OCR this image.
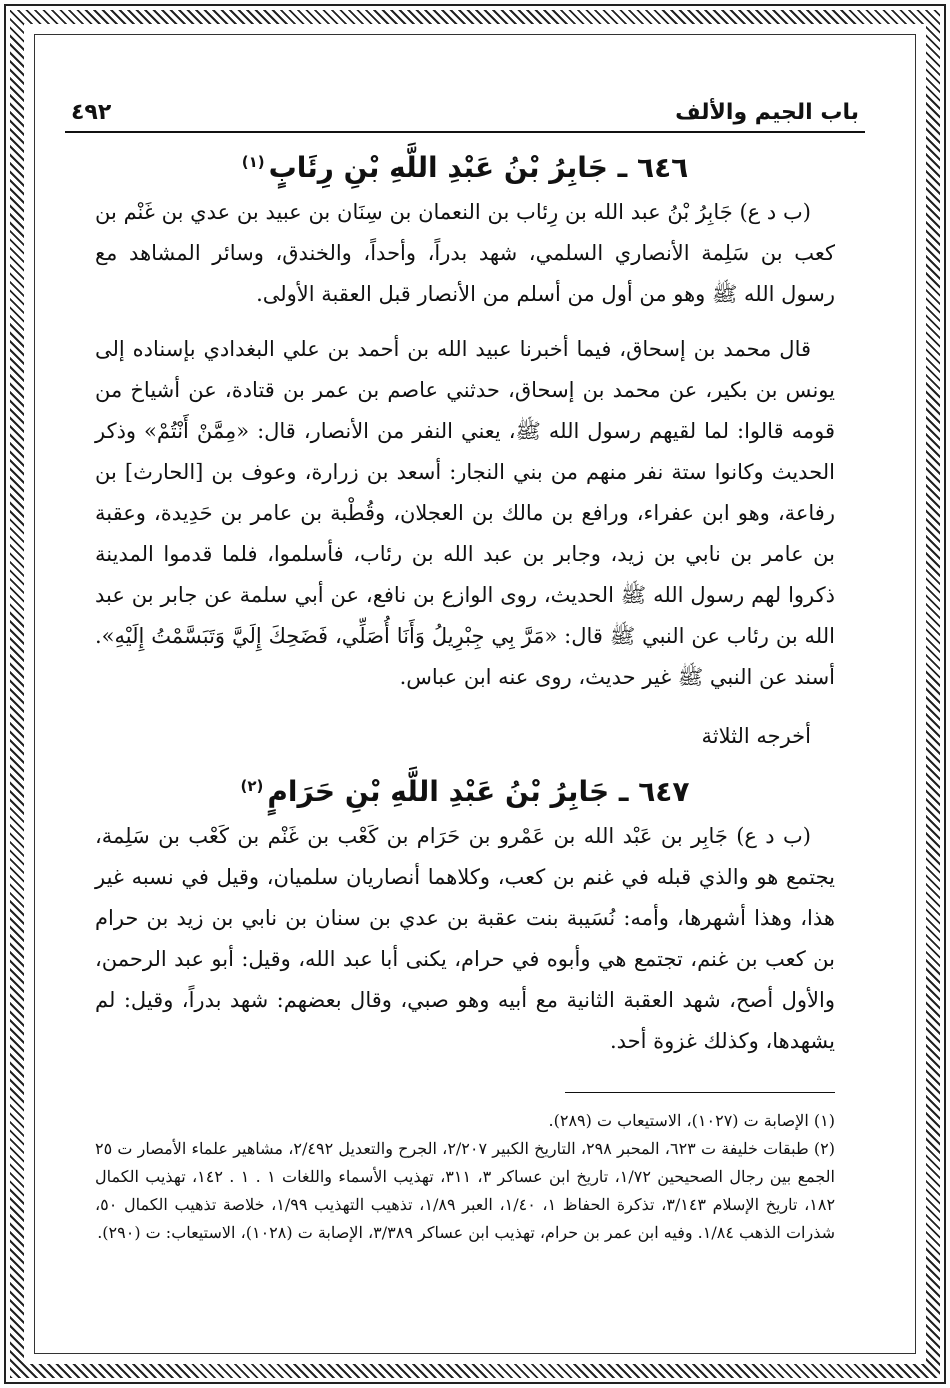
باب الجيم والألف
٤٩٢
٦٤٦ ـ جَابِرُ بْنُ عَبْدِ اللَّهِ بْنِ رِئَابٍ$^{(١)}$

(ب د ع) جَابِرُ بْنُ عبد الله بن رِئاب بن النعمان بن سِنَان بن عبيد بن عدي بن غَنْم بن كعب بن سَلِمة الأنصاري السلمي، شهد بدراً، وأحداً، والخندق، وسائر المشاهد مع رسول الله ﷺ وهو من أول من أسلم من الأنصار قبل العقبة الأولى.

قال محمد بن إسحاق، فيما أخبرنا عبيد الله بن أحمد بن علي البغدادي بإسناده إلى يونس بن بكير، عن محمد بن إسحاق، حدثني عاصم بن عمر بن قتادة، عن أشياخ من قومه قالوا: لما لقيهم رسول الله ﷺ، يعني النفر من الأنصار، قال: «مِمَّنْ أَنْتُمْ» وذكر الحديث وكانوا ستة نفر منهم من بني النجار: أسعد بن زرارة، وعوف بن [الحارث] بن رفاعة، وهو ابن عفراء، ورافع بن مالك بن العجلان، وقُطْبة بن عامر بن حَدِيدة، وعقبة بن عامر بن نابي بن زيد، وجابر بن عبد الله بن رئاب، فأسلموا، فلما قدموا المدينة ذكروا لهم رسول الله ﷺ الحديث، روى الوازع بن نافع، عن أبي سلمة عن جابر بن عبد الله بن رئاب عن النبي ﷺ قال: «مَرَّ بِي جِبْرِيلُ وَأَنَا أُصَلِّي، فَضَحِكَ إِلَيَّ وَتَبَسَّمْتُ إِلَيْهِ». أسند عن النبي ﷺ غير حديث، روى عنه ابن عباس.

أخرجه الثلاثة

٦٤٧ ـ جَابِرُ بْنُ عَبْدِ اللَّهِ بْنِ حَرَامٍ$^{(٢)}$

(ب د ع) جَابِر بن عَبْد الله بن عَمْرو بن حَرَام بن كَعْب بن غَنْم بن كَعْب بن سَلِمة، يجتمع هو والذي قبله في غنم بن كعب، وكلاهما أنصاريان سلميان، وقيل في نسبه غير هذا، وهذا أشهرها، وأمه: نُسَيبة بنت عقبة بن عدي بن سنان بن نابي بن زيد بن حرام بن كعب بن غنم، تجتمع هي وأبوه في حرام، يكنى أبا عبد الله، وقيل: أبو عبد الرحمن، والأول أصح، شهد العقبة الثانية مع أبيه وهو صبي، وقال بعضهم: شهد بدراً، وقيل: لم يشهدها، وكذلك غزوة أحد.

(١) الإصابة ت (١٠٢٧)، الاستيعاب ت (٢٨٩).

(٢) طبقات خليفة ت ٦٢٣، المحبر ٢٩٨، التاريخ الكبير ٢/٢٠٧، الجرح والتعديل ٢/٤٩٢، مشاهير علماء الأمصار ت ٢٥ الجمع بين رجال الصحيحين ١/٧٢، تاريخ ابن عساكر ٣، ٣١١، تهذيب الأسماء واللغات ١ . ١ . ١٤٢، تهذيب الكمال ١٨٢، تاريخ الإسلام ٣/١٤٣، تذكرة الحفاظ ١، ١/٤٠، العبر ١/٨٩، تذهيب التهذيب ١/٩٩، خلاصة تذهيب الكمال ٥٠، شذرات الذهب ١/٨٤. وفيه ابن عمر بن حرام، تهذيب ابن عساكر ٣/٣٨٩، الإصابة ت (١٠٢٨)، الاستيعاب: ت (٢٩٠).
